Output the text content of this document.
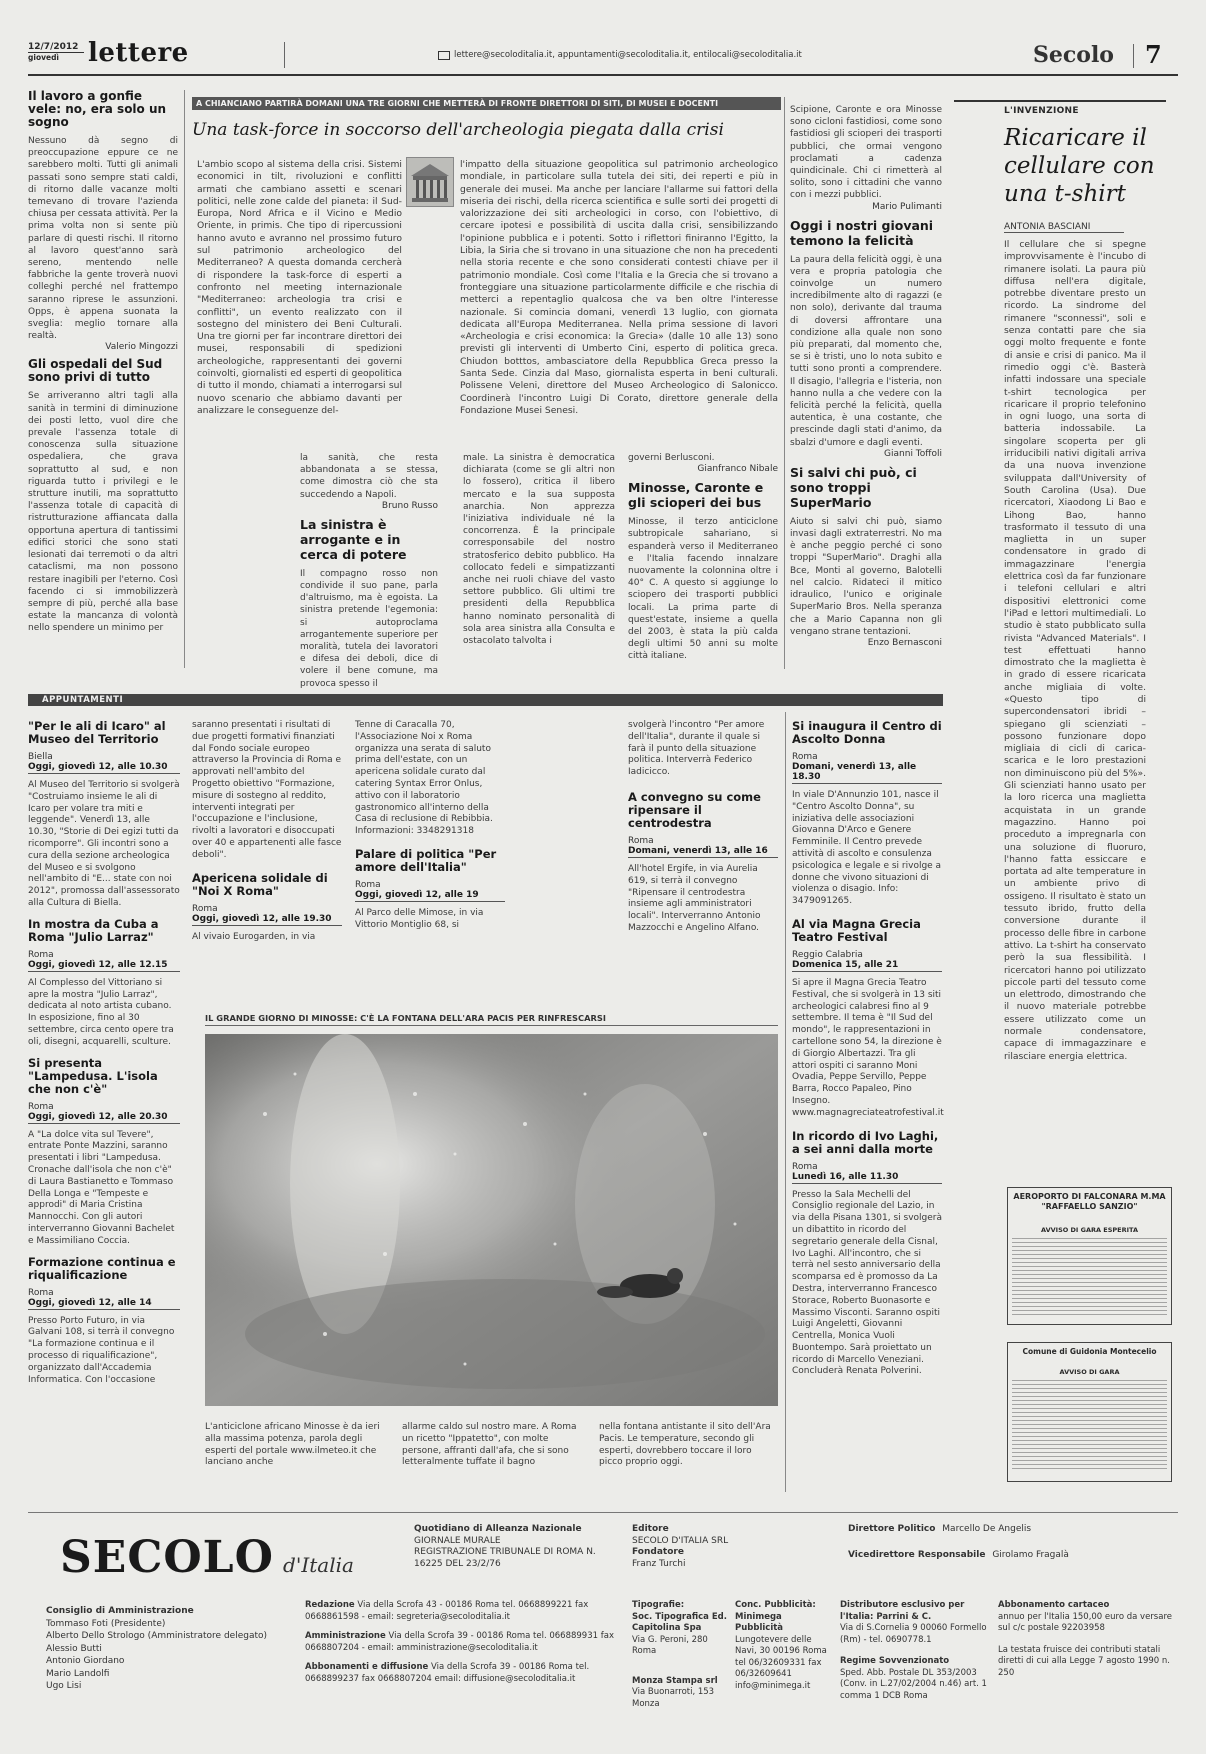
12/7/2012
giovedì	lettere	lettere@secoloditalia.it, appuntamenti@secoloditalia.it, entilocali@secoloditalia.it	Secolo 7
Il lavoro a gonfie vele: no, era solo un sogno
Nessuno dà segno di preoccupazione eppure ce ne sarebbero molti. Tutti gli animali passati sono sempre stati caldi, di ritorno dalle vacanze molti temevano di trovare l'azienda chiusa per cessata attività. Per la prima volta non si sente più parlare di questi rischi. Il ritorno al lavoro quest'anno sarà sereno, mentendo nelle fabbriche la gente troverà nuovi colleghi perché nel frattempo saranno riprese le assunzioni. Opps, è appena suonata la sveglia: meglio tornare alla realtà.
Valerio Mingozzi
Gli ospedali del Sud sono privi di tutto
Se arriveranno altri tagli alla sanità in termini di diminuzione dei posti letto, vuol dire che prevale l'assenza totale di conoscenza sulla situazione ospedaliera, che grava soprattutto al sud, e non riguarda tutto i privilegi e le strutture inutili, ma soprattutto l'assenza totale di capacità di ristrutturazione affiancata dalla opportuna apertura di tantissimi edifici storici che sono stati lesionati dai terremoti o da altri cataclismi, ma non possono restare inagibili per l'eterno. Così facendo ci si immobilizzerà sempre di più, perché alla base estate la mancanza di volontà nello spendere un minimo per
A CHIANCIANO PARTIRÀ DOMANI UNA TRE GIORNI CHE METTERÀ DI FRONTE DIRETTORI DI SITI, DI MUSEI E DOCENTI
Una task-force in soccorso dell'archeologia piegata dalla crisi
L'ambio scopo al sistema della crisi. Sistemi economici in tilt, rivoluzioni e conflitti armati che cambiano assetti e scenari politici, nelle zone calde del pianeta: il Sud-Europa, Nord Africa e il Vicino e Medio Oriente, in primis. Che tipo di ripercussioni hanno avuto e avranno nel prossimo futuro sul patrimonio archeologico del Mediterraneo? A questa domanda cercherà di rispondere la task-force di esperti a confronto nel meeting internazionale "Mediterraneo: archeologia tra crisi e conflitti", un evento realizzato con il sostegno del ministero dei Beni Culturali. Una tre giorni per far incontrare direttori dei musei, responsabili di spedizioni archeologiche, rappresentanti dei governi coinvolti, giornalisti ed esperti di geopolitica di tutto il mondo, chiamati a interrogarsi sul nuovo scenario che abbiamo davanti per analizzare le conseguenze del-
l'impatto della situazione geopolitica sul patrimonio archeologico mondiale, in particolare sulla tutela dei siti, dei reperti e più in generale dei musei. Ma anche per lanciare l'allarme sui fattori della miseria dei rischi, della ricerca scientifica e sulle sorti dei progetti di valorizzazione dei siti archeologici in corso, con l'obiettivo, di cercare ipotesi e possibilità di uscita dalla crisi, sensibilizzando l'opinione pubblica e i potenti. Sotto i riflettori finiranno l'Egitto, la Libia, la Siria che si trovano in una situazione che non ha precedenti nella storia recente e che sono considerati contesti chiave per il patrimonio mondiale. Così come l'Italia e la Grecia che si trovano a fronteggiare una situazione particolarmente difficile e che rischia di metterci a repentaglio qualcosa che va ben oltre l'interesse nazionale. Si comincia domani, venerdì 13 luglio, con giornata dedicata all'Europa Mediterranea. Nella prima sessione di lavori «Archeologia e crisi economica: la Grecia» (dalle 10 alle 13) sono previsti gli interventi di Umberto Cini, esperto di politica greca. Chiudon botttos, ambasciatore della Repubblica Greca presso la Santa Sede. Cinzia dal Maso, giornalista esperta in beni culturali. Polissene Veleni, direttore del Museo Archeologico di Salonicco. Coordinerà l'incontro Luigi Di Corato, direttore generale della Fondazione Musei Senesi.
la sanità, che resta abbandonata a se stessa, come dimostra ciò che sta succedendo a Napoli.
Bruno Russo
La sinistra è arrogante e in cerca di potere
Il compagno rosso non condivide il suo pane, parla d'altruismo, ma è egoista. La sinistra pretende l'egemonia: si autoproclama arrogantemente superiore per moralità, tutela dei lavoratori e difesa dei deboli, dice di volere il bene comune, ma provoca spesso il
male. La sinistra è democratica dichiarata (come se gli altri non lo fossero), critica il libero mercato e la sua supposta anarchia. Non apprezza l'iniziativa individuale né la concorrenza. È la principale corresponsabile del nostro stratosferico debito pubblico. Ha collocato fedeli e simpatizzanti anche nei ruoli chiave del vasto settore pubblico. Gli ultimi tre presidenti della Repubblica hanno nominato personalità di sola area sinistra alla Consulta e ostacolato talvolta i
governi Berlusconi.
Gianfranco Nibale
Minosse, Caronte e gli scioperi dei bus
Minosse, il terzo anticiclone subtropicale sahariano, si espanderà verso il Mediterraneo e l'Italia facendo innalzare nuovamente la colonnina oltre i 40° C. A questo si aggiunge lo sciopero dei trasporti pubblici locali. La prima parte di quest'estate, insieme a quella del 2003, è stata la più calda degli ultimi 50 anni su molte città italiane.
Scipione, Caronte e ora Minosse sono cicloni fastidiosi, come sono fastidiosi gli scioperi dei trasporti pubblici, che ormai vengono proclamati a cadenza quindicinale. Chi ci rimetterà al solito, sono i cittadini che vanno con i mezzi pubblici.
Mario Pulimanti
Oggi i nostri giovani temono la felicità
La paura della felicità oggi, è una vera e propria patologia che coinvolge un numero incredibilmente alto di ragazzi (e non solo), derivante dal trauma di doversi affrontare una condizione alla quale non sono più preparati, dal momento che, se si è tristi, uno lo nota subito e tutti sono pronti a comprendere. Il disagio, l'allegria e l'isteria, non hanno nulla a che vedere con la felicità perché la felicità, quella autentica, è una costante, che prescinde dagli stati d'animo, da sbalzi d'umore e dagli eventi.
Gianni Toffoli
Si salvi chi può, ci sono troppi SuperMario
Aiuto si salvi chi può, siamo invasi dagli extraterrestri. No ma è anche peggio perché ci sono troppi "SuperMario". Draghi alla Bce, Monti al governo, Balotelli nel calcio. Ridateci il mitico idraulico, l'unico e originale SuperMario Bros. Nella speranza che a Mario Capanna non gli vengano strane tentazioni.
Enzo Bernasconi
L'INVENZIONE
Ricaricare il cellulare con una t-shirt
ANTONIA BASCIANI
Il cellulare che si spegne improvvisamente è l'incubo di rimanere isolati. La paura più diffusa nell'era digitale, potrebbe diventare presto un ricordo. La sindrome del rimanere "sconnessi", soli e senza contatti pare che sia oggi molto frequente e fonte di ansie e crisi di panico. Ma il rimedio oggi c'è. Basterà infatti indossare una speciale t-shirt tecnologica per ricaricare il proprio telefonino in ogni luogo, una sorta di batteria indossabile. La singolare scoperta per gli irriducibili nativi digitali arriva da una nuova invenzione sviluppata dall'University of South Carolina (Usa). Due ricercatori, Xiaodong Li Bao e Lihong Bao, hanno trasformato il tessuto di una maglietta in un super condensatore in grado di immagazzinare l'energia elettrica così da far funzionare i telefoni cellulari e altri dispositivi elettronici come l'iPad e lettori multimediali. Lo studio è stato pubblicato sulla rivista "Advanced Materials". I test effettuati hanno dimostrato che la maglietta è in grado di essere ricaricata anche migliaia di volte. «Questo tipo di supercondensatori ibridi – spiegano gli scienziati – possono funzionare dopo migliaia di cicli di carica-scarica e le loro prestazioni non diminuiscono più del 5%». Gli scienziati hanno usato per la loro ricerca una maglietta acquistata in un grande magazzino. Hanno poi proceduto a impregnarla con una soluzione di fluoruro, l'hanno fatta essiccare e portata ad alte temperature in un ambiente privo di ossigeno. Il risultato è stato un tessuto ibrido, frutto della conversione durante il processo delle fibre in carbone attivo. La t-shirt ha conservato però la sua flessibilità. I ricercatori hanno poi utilizzato piccole parti del tessuto come un elettrodo, dimostrando che il nuovo materiale potrebbe essere utilizzato come un normale condensatore, capace di immagazzinare e rilasciare energia elettrica.
APPUNTAMENTI
"Per le ali di Icaro" al Museo del Territorio
Biella
Oggi, giovedì 12, alle 10.30
Al Museo del Territorio si svolgerà "Costruiamo insieme le ali di Icaro per volare tra miti e leggende". Venerdì 13, alle 10.30, "Storie di Dei egizi tutti da ricomporre". Gli incontri sono a cura della sezione archeologica del Museo e si svolgono nell'ambito di "E... state con noi 2012", promossa dall'assessorato alla Cultura di Biella.
In mostra da Cuba a Roma "Julio Larraz"
Roma
Oggi, giovedì 12, alle 12.15
Al Complesso del Vittoriano si apre la mostra "Julio Larraz", dedicata al noto artista cubano. In esposizione, fino al 30 settembre, circa cento opere tra oli, disegni, acquarelli, sculture.
Si presenta "Lampedusa. L'isola che non c'è"
Roma
Oggi, giovedì 12, alle 20.30
A "La dolce vita sul Tevere", entrate Ponte Mazzini, saranno presentati i libri "Lampedusa. Cronache dall'isola che non c'è" di Laura Bastianetto e Tommaso Della Longa e "Tempeste e approdi" di Maria Cristina Mannocchi. Con gli autori interverranno Giovanni Bachelet e Massimiliano Coccia.
Formazione continua e riqualificazione
Roma
Oggi, giovedì 12, alle 14
Presso Porto Futuro, in via Galvani 108, si terrà il convegno "La formazione continua e il processo di riqualificazione", organizzato dall'Accademia Informatica. Con l'occasione
saranno presentati i risultati di due progetti formativi finanziati dal Fondo sociale europeo attraverso la Provincia di Roma e approvati nell'ambito del Progetto obiettivo "Formazione, misure di sostegno al reddito, interventi integrati per l'occupazione e l'inclusione, rivolti a lavoratori e disoccupati over 40 e appartenenti alle fasce deboli".
Apericena solidale di "Noi X Roma"
Roma
Oggi, giovedì 12, alle 19.30
Al vivaio Eurogarden, in via
Tenne di Caracalla 70, l'Associazione Noi x Roma organizza una serata di saluto prima dell'estate, con un apericena solidale curato dal catering Syntax Error Onlus, attivo con il laboratorio gastronomico all'interno della Casa di reclusione di Rebibbia. Informazioni: 3348291318
Palare di politica "Per amore dell'Italia"
Roma
Oggi, giovedì 12, alle 19
Al Parco delle Mimose, in via Vittorio Montiglio 68, si
svolgerà l'incontro "Per amore dell'Italia", durante il quale si farà il punto della situazione politica. Interverrà Federico Iadicicco.
A convegno su come ripensare il centrodestra
Roma
Domani, venerdì 13, alle 16
All'hotel Ergife, in via Aurelia 619, si terrà il convegno "Ripensare il centrodestra insieme agli amministratori locali". Interverranno Antonio Mazzocchi e Angelino Alfano.
Si inaugura il Centro di Ascolto Donna
Roma
Domani, venerdì 13, alle 18.30
In viale D'Annunzio 101, nasce il "Centro Ascolto Donna", su iniziativa delle associazioni Giovanna D'Arco e Genere Femminile. Il Centro prevede attività di ascolto e consulenza psicologica e legale e si rivolge a donne che vivono situazioni di violenza o disagio. Info: 3479091265.
Al via Magna Grecia Teatro Festival
Reggio Calabria
Domenica 15, alle 21
Si apre il Magna Grecia Teatro Festival, che si svolgerà in 13 siti archeologici calabresi fino al 9 settembre. Il tema è "Il Sud del mondo", le rappresentazioni in cartellone sono 54, la direzione è di Giorgio Albertazzi. Tra gli attori ospiti ci saranno Moni Ovadia, Peppe Servillo, Peppe Barra, Rocco Papaleo, Pino Insegno. www.magnagreciateatrofestival.it
In ricordo di Ivo Laghi, a sei anni dalla morte
Roma
Lunedì 16, alle 11.30
Presso la Sala Mechelli del Consiglio regionale del Lazio, in via della Pisana 1301, si svolgerà un dibattito in ricordo del segretario generale della Cisnal, Ivo Laghi. All'incontro, che si terrà nel sesto anniversario della scomparsa ed è promosso da La Destra, interverranno Francesco Storace, Roberto Buonasorte e Massimo Visconti. Saranno ospiti Luigi Angeletti, Giovanni Centrella, Monica Vuoli Buontempo. Sarà proiettato un ricordo di Marcello Veneziani. Concluderà Renata Polverini.
IL GRANDE GIORNO DI MINOSSE: C'È LA FONTANA DELL'ARA PACIS PER RINFRESCARSI
L'anticiclone africano Minosse è da ieri alla massima potenza, parola degli esperti del portale www.ilmeteo.it che lanciano anche
allarme caldo sul nostro mare. A Roma un ricetto "Ippatetto", con molte persone, affranti dall'afa, che si sono letteralmente tuffate il bagno
nella fontana antistante il sito dell'Ara Pacis. Le temperature, secondo gli esperti, dovrebbero toccare il loro picco proprio oggi.
AEROPORTO DI FALCONARA M.MA "RAFFAELLO SANZIO"
AVVISO DI GARA ESPERITA
Comune di Guidonia Montecelio
AVVISO DI GARA
SECOLO d'Italia
Quotidiano di Alleanza Nazionale
GIORNALE MURALE
REGISTRAZIONE TRIBUNALE DI ROMA N. 16225 DEL 23/2/76
Editore
SECOLO D'ITALIA SRL
Fondatore
Franz Turchi
Direttore Politico Marcello De Angelis
Vicedirettore Responsabile Girolamo Fragalà
Consiglio di Amministrazione
Tommaso Foti (Presidente)
Alberto Dello Strologo (Amministratore delegato)
Alessio Butti
Antonio Giordano
Mario Landolfi
Ugo Lisi
Redazione Via della Scrofa 43 - 00186 Roma tel. 0668899221 fax 0668861598 - email: segreteria@secoloditalia.it
Amministrazione Via della Scrofa 39 - 00186 Roma tel. 066889931 fax 0668807204 - email: amministrazione@secoloditalia.it
Abbonamenti e diffusione Via della Scrofa 39 - 00186 Roma tel. 0668899237 fax 0668807204 email: diffusione@secoloditalia.it
Tipografie:
Soc. Tipografica Ed. Capitolina Spa
Via G. Peroni, 280 Roma
Monza Stampa srl
Via Buonarroti, 153 Monza
Conc. Pubblicità: Minimega Pubblicità
Lungotevere delle Navi, 30 00196 Roma tel 06/32609331 fax 06/32609641 info@minimega.it
Distributore esclusivo per l'Italia: Parrini & C.
Via di S.Cornelia 9 00060 Formello (Rm) - tel. 0690778.1
Regime Sovvenzionato
Sped. Abb. Postale DL 353/2003 (Conv. in L.27/02/2004 n.46) art. 1 comma 1 DCB Roma
Abbonamento cartaceo
annuo per l'Italia 150,00 euro da versare sul c/c postale 92203958
La testata fruisce dei contributi statali diretti di cui alla Legge 7 agosto 1990 n. 250
